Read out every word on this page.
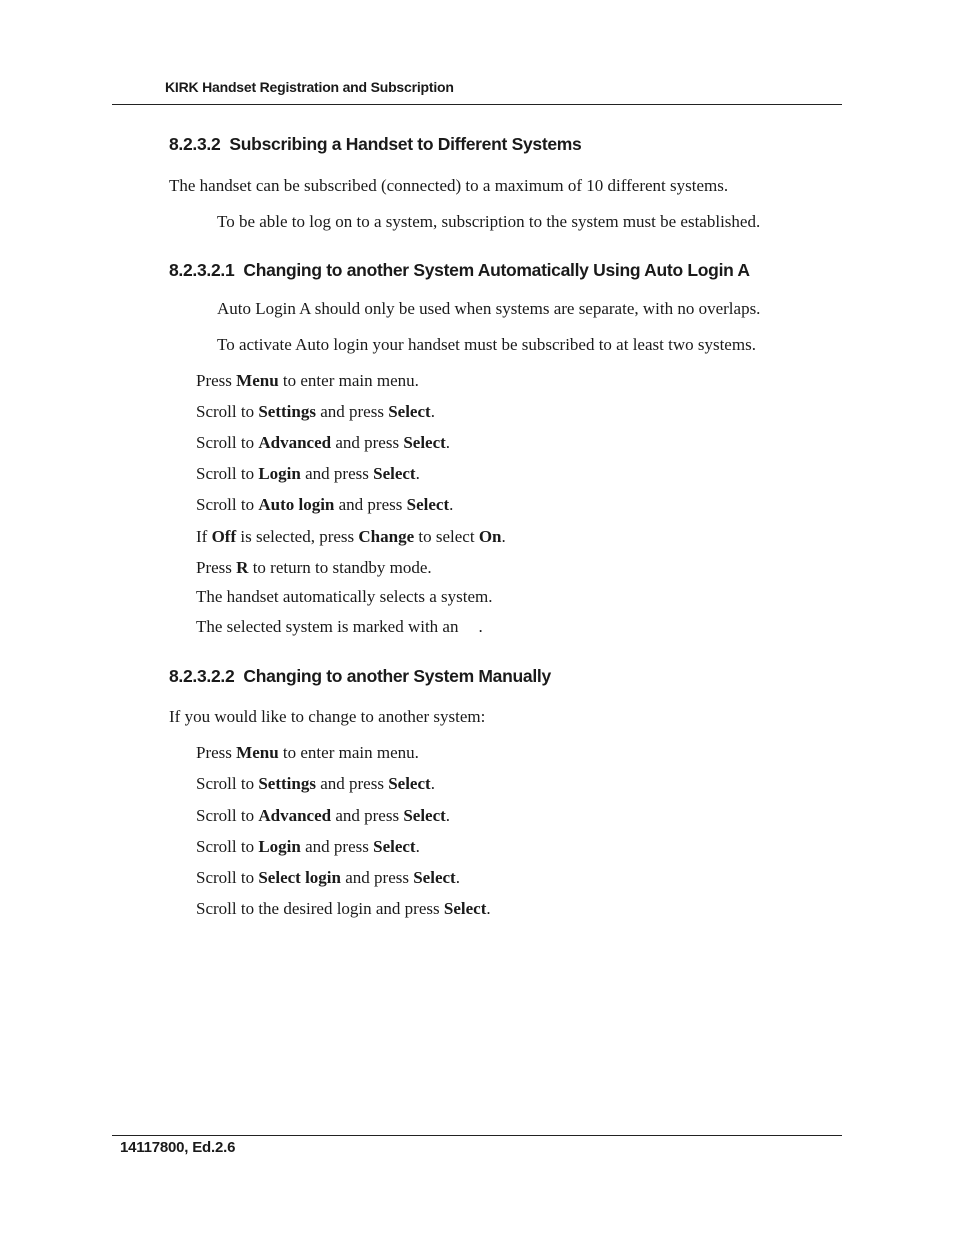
KIRK Handset Registration and Subscription
8.2.3.2 Subscribing a Handset to Different Systems
The handset can be subscribed (connected) to a maximum of 10 different systems.
To be able to log on to a system, subscription to the system must be established.
8.2.3.2.1 Changing to another System Automatically Using Auto Login A
Auto Login A should only be used when systems are separate, with no overlaps.
To activate Auto login your handset must be subscribed to at least two systems.
Press Menu to enter main menu.
Scroll to Settings and press Select.
Scroll to Advanced and press Select.
Scroll to Login and press Select.
Scroll to Auto login and press Select.
If Off is selected, press Change to select On.
Press R to return to standby mode.
The handset automatically selects a system.
The selected system is marked with an .
8.2.3.2.2 Changing to another System Manually
If you would like to change to another system:
Press Menu to enter main menu.
Scroll to Settings and press Select.
Scroll to Advanced and press Select.
Scroll to Login and press Select.
Scroll to Select login and press Select.
Scroll to the desired login and press Select.
14117800, Ed.2.6
